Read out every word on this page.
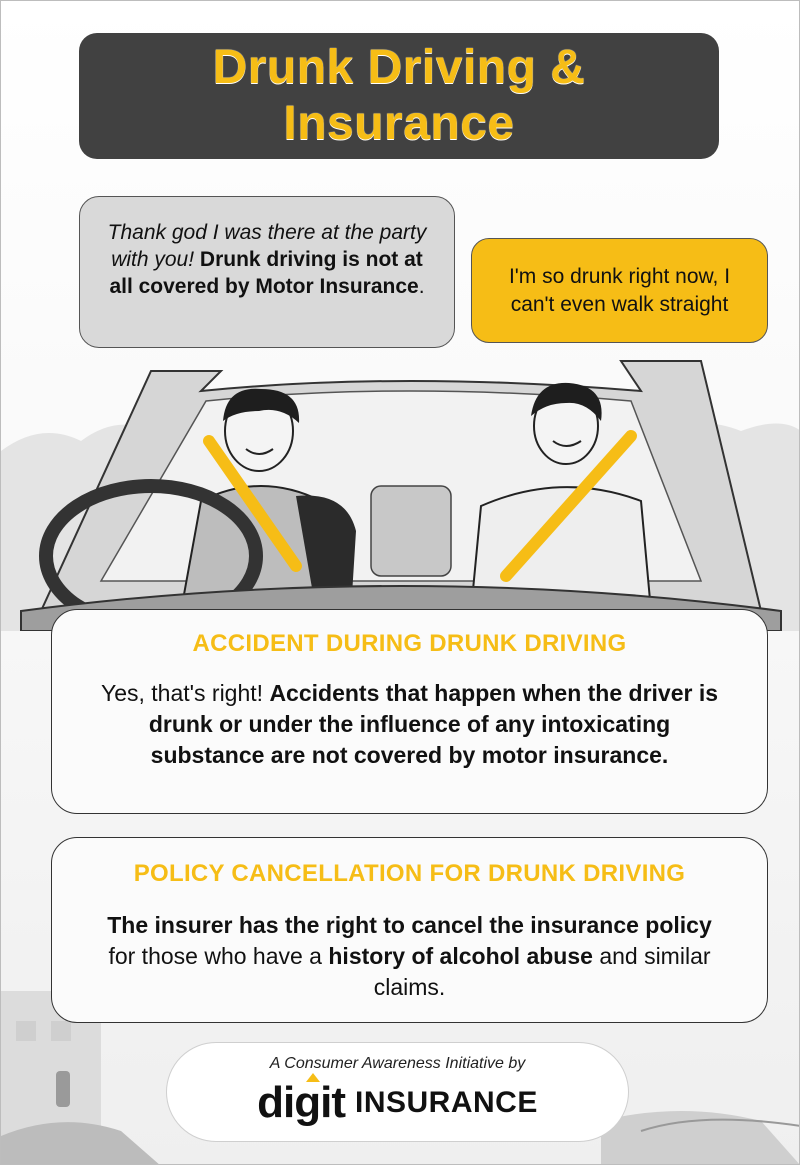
Drunk Driving &
Insurance
Thank god I was there at the party with you! Drunk driving is not at all covered by Motor Insurance.	I'm so drunk right now, I can't even walk straight
ACCIDENT DURING DRUNK DRIVING
Yes, that's right! Accidents that happen when the driver is drunk or under the influence of any intoxicating substance are not covered by motor insurance.
POLICY CANCELLATION FOR DRUNK DRIVING
The insurer has the right to cancel the insurance policy for those who have a history of alcohol abuse and similar claims.
A Consumer Awareness Initiative by
digit INSURANCE
